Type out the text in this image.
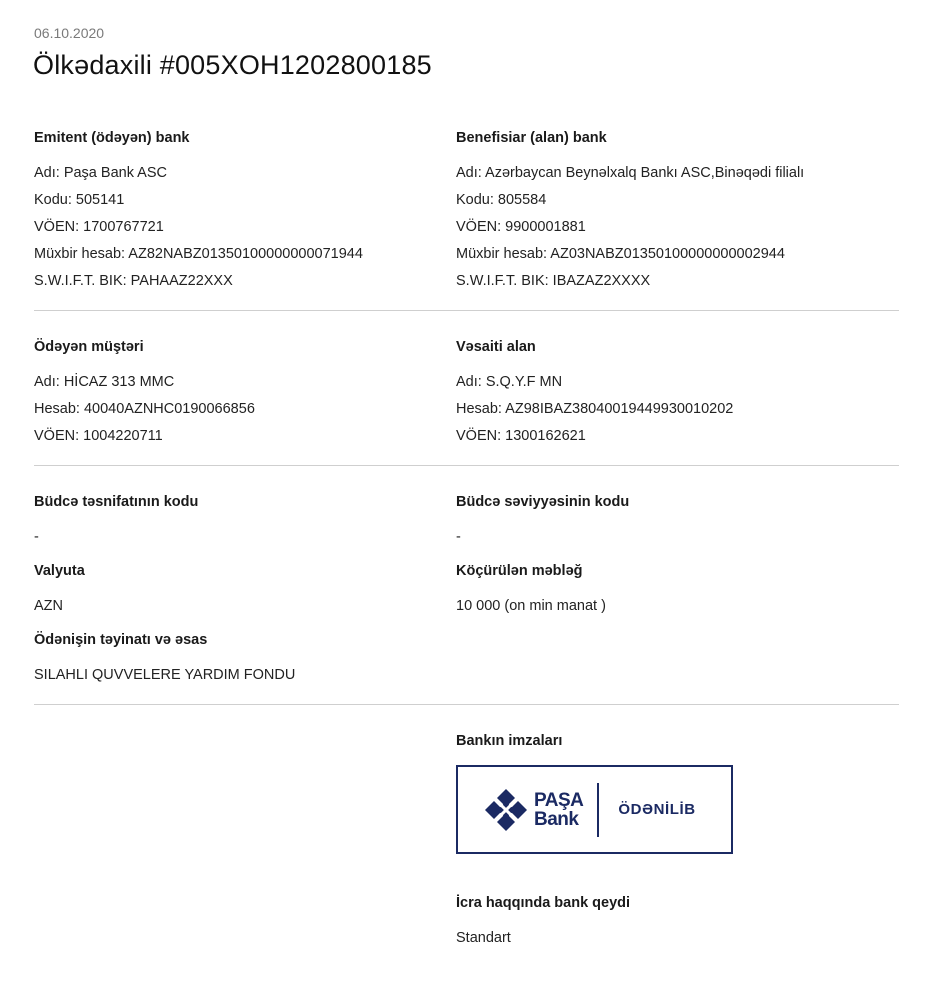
06.10.2020
Ölkədaxili #005XOH1202800185
Emitent (ödəyən) bank
Adı: Paşa Bank ASC
Kodu: 505141
VÖEN: 1700767721
Müxbir hesab: AZ82NABZ01350100000000071944
S.W.I.F.T. BIK: PAHAAZ22XXX
Benefisiar (alan) bank
Adı: Azərbaycan Beynəlxalq Bankı ASC,Binəqədi filialı
Kodu: 805584
VÖEN: 9900001881
Müxbir hesab: AZ03NABZ01350100000000002944
S.W.I.F.T. BIK: IBAZAZ2XXXX
Ödəyən müştəri
Adı: HİCAZ 313 MMC
Hesab: 40040AZNHC0190066856
VÖEN: 1004220711
Vəsaiti alan
Adı: S.Q.Y.F MN
Hesab: AZ98IBAZ38040019449930010202
VÖEN: 1300162621
Büdcə təsnifatının kodu
-
Büdcə səviyyəsinin kodu
-
Valyuta
AZN
Köçürülən məbləğ
10 000 (on min manat )
Ödənişin təyinatı və əsas
SILAHLI QUVVELERE YARDIM FONDU
Bankın imzaları
PAŞA
Bank	ÖDƏNİLİB
İcra haqqında bank qeydi
Standart
